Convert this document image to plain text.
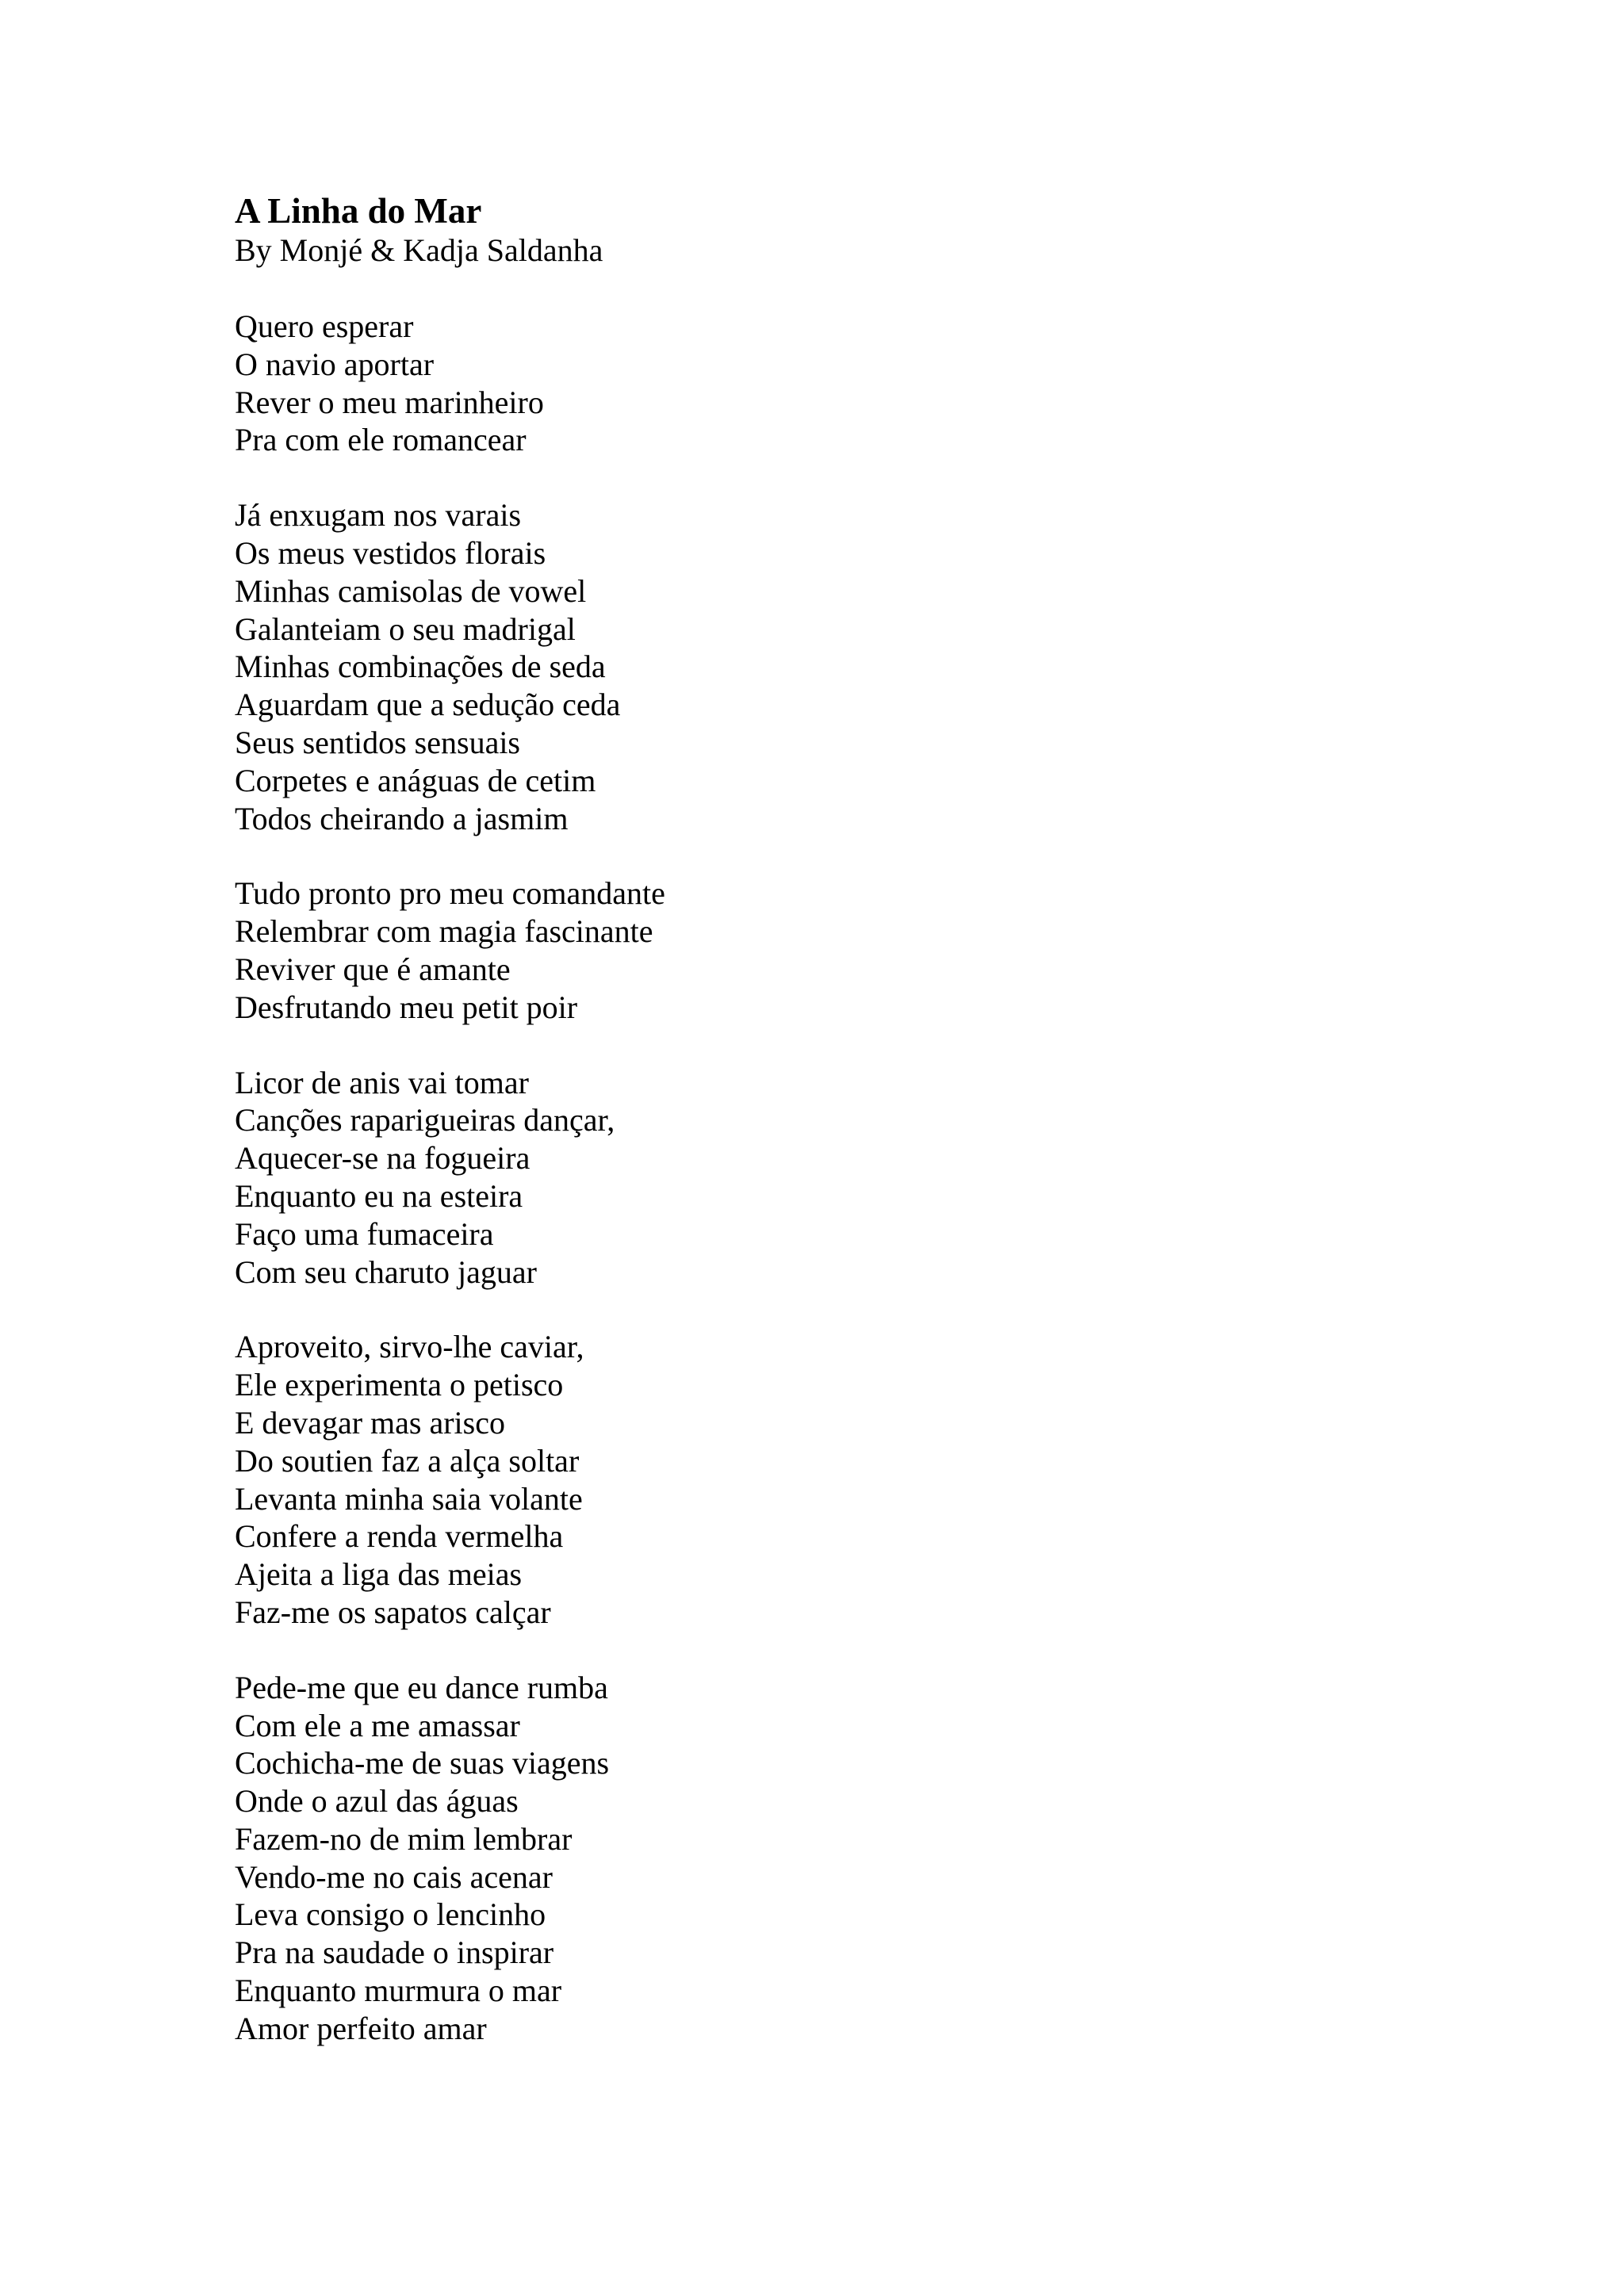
A Linha do Mar

By Monjé & Kadja Saldanha

Quero esperar
O navio aportar
Rever o meu marinheiro
Pra com ele romancear
Já enxugam nos varais
Os meus vestidos florais
Minhas camisolas de vowel
Galanteiam o seu madrigal
Minhas combinações de seda
Aguardam que a sedução ceda
Seus sentidos sensuais
Corpetes e anáguas de cetim
Todos cheirando a jasmim
Tudo pronto pro meu comandante
Relembrar com magia fascinante
Reviver que é amante
Desfrutando meu petit poir
Licor de anis vai tomar
Canções raparigueiras dançar,
Aquecer-se na fogueira
Enquanto eu na esteira
Faço uma fumaceira
Com seu charuto jaguar
Aproveito, sirvo-lhe caviar,
Ele experimenta o petisco
E devagar mas arisco
Do soutien faz a alça soltar
Levanta minha saia volante
Confere a renda vermelha
Ajeita a liga das meias
Faz-me os sapatos calçar
Pede-me que eu dance rumba
Com ele a me amassar
Cochicha-me de suas viagens
Onde o azul das águas
Fazem-no de mim lembrar
Vendo-me no cais acenar
Leva consigo o lencinho
Pra na saudade o inspirar
Enquanto murmura o mar
Amor perfeito amar
